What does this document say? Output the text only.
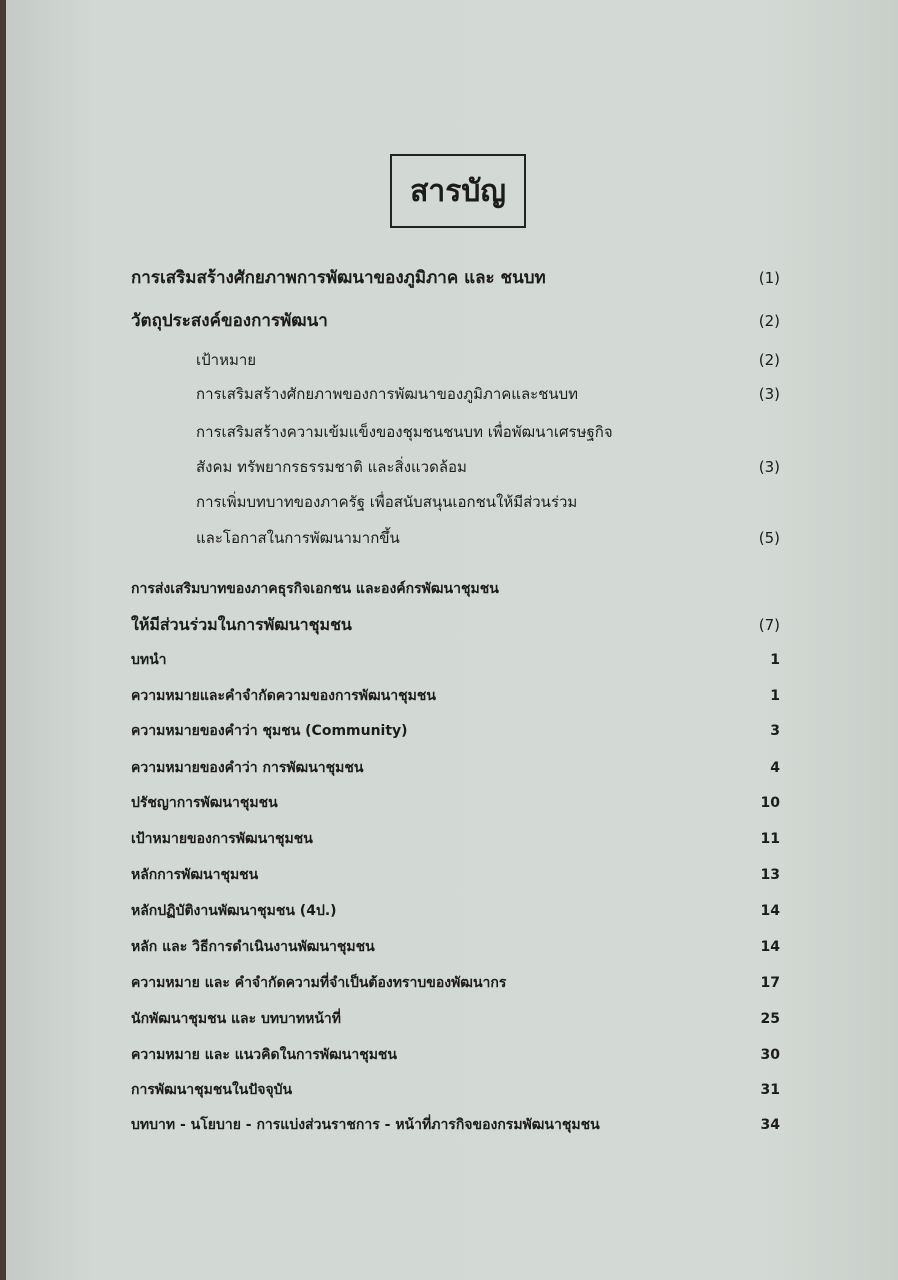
สารบัญ
การเสริมสร้างศักยภาพการพัฒนาของภูมิภาค และ ชนบท	(1)
วัตถุประสงค์ของการพัฒนา	(2)
เป้าหมาย	(2)
การเสริมสร้างศักยภาพของการพัฒนาของภูมิภาคและชนบท	(3)
การเสริมสร้างความเข้มแข็งของชุมชนชนบท เพื่อพัฒนาเศรษฐกิจ
สังคม ทรัพยากรธรรมชาติ และสิ่งแวดล้อม	(3)
การเพิ่มบทบาทของภาครัฐ เพื่อสนับสนุนเอกชนให้มีส่วนร่วม
และโอกาสในการพัฒนามากขึ้น	(5)
การส่งเสริมบาทของภาคธุรกิจเอกชน และองค์กรพัฒนาชุมชน
ให้มีส่วนร่วมในการพัฒนาชุมชน	(7)
บทนำ	1
ความหมายและคำจำกัดความของการพัฒนาชุมชน	1
ความหมายของคำว่า ชุมชน (Community)	3
ความหมายของคำว่า การพัฒนาชุมชน	4
ปรัชญาการพัฒนาชุมชน	10
เป้าหมายของการพัฒนาชุมชน	11
หลักการพัฒนาชุมชน	13
หลักปฏิบัติงานพัฒนาชุมชน (4ป.)	14
หลัก และ วิธีการดำเนินงานพัฒนาชุมชน	14
ความหมาย และ คำจำกัดความที่จำเป็นต้องทราบของพัฒนากร	17
นักพัฒนาชุมชน และ บทบาทหน้าที่	25
ความหมาย และ แนวคิดในการพัฒนาชุมชน	30
การพัฒนาชุมชนในปัจจุบัน	31
บทบาท - นโยบาย - การแบ่งส่วนราชการ - หน้าที่ภารกิจของกรมพัฒนาชุมชน	34
